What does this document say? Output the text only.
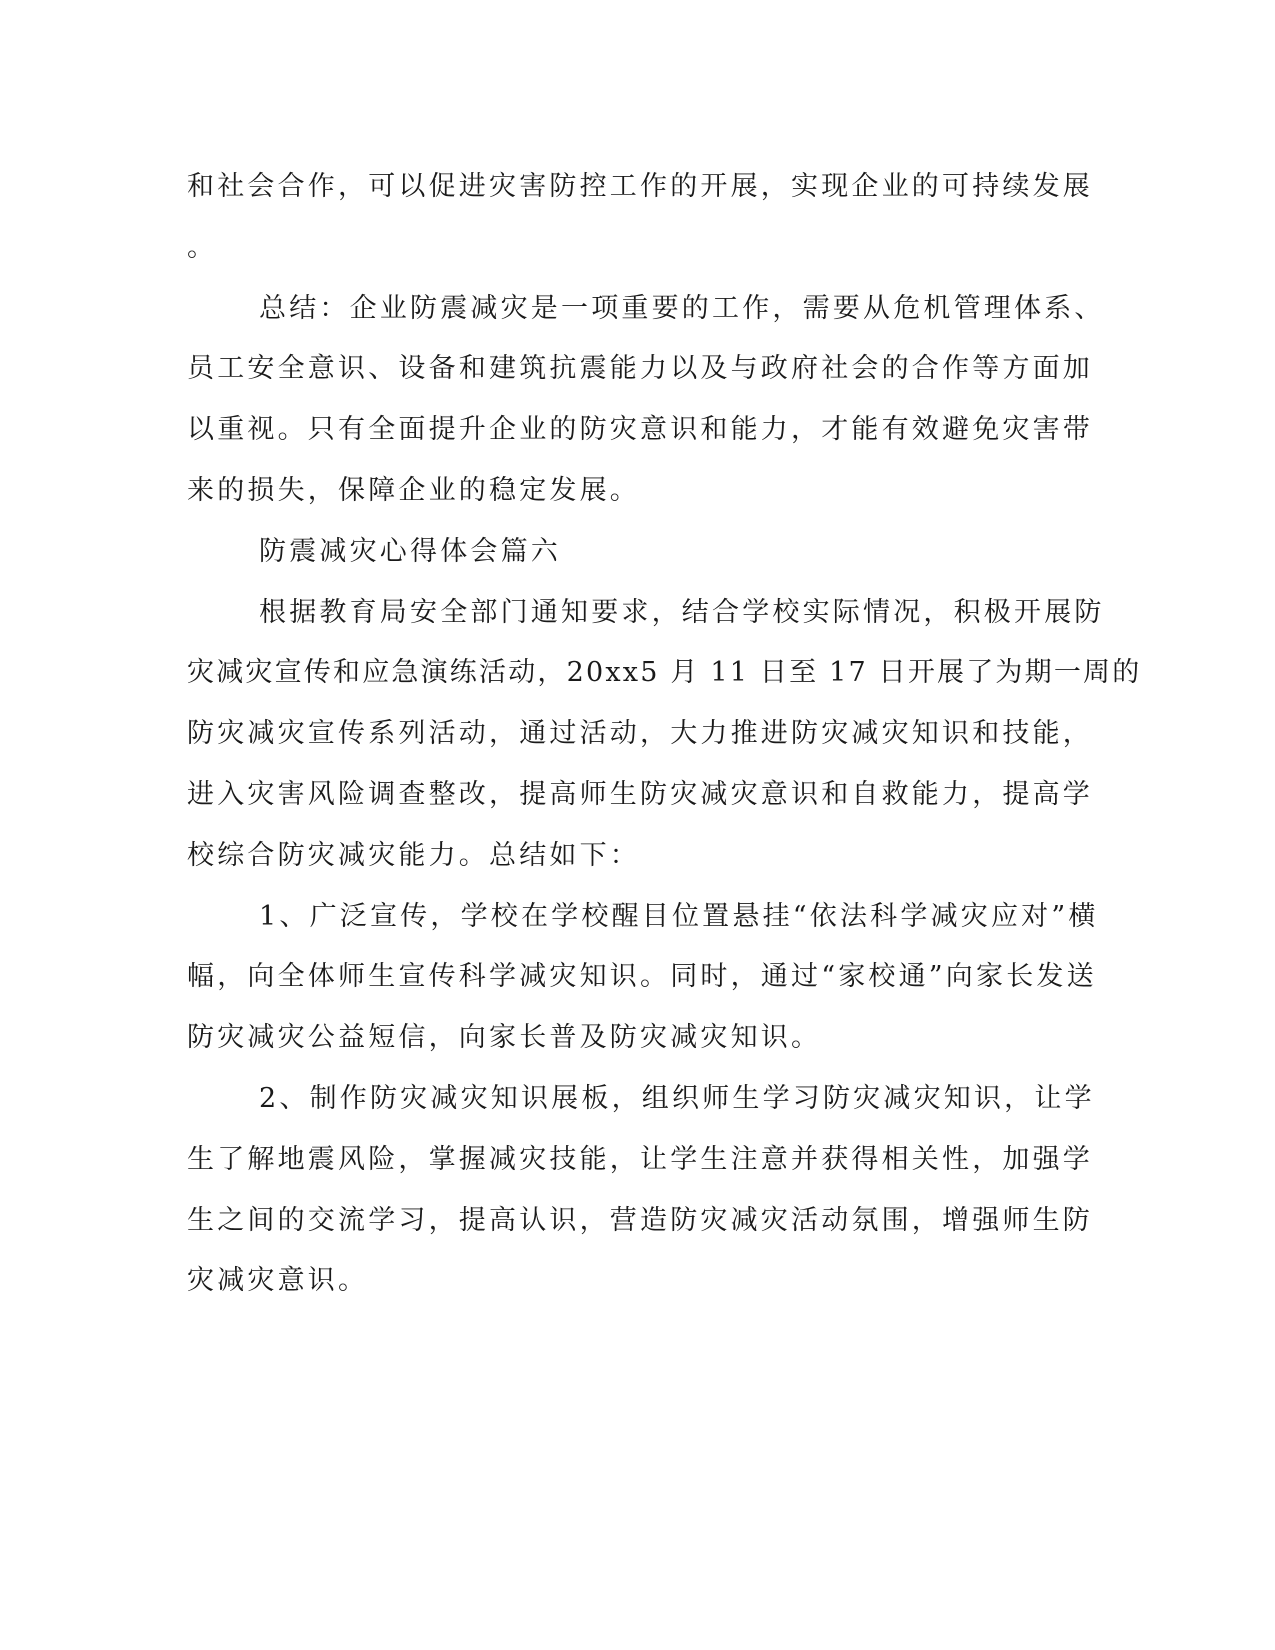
和社会合作，可以促进灾害防控工作的开展，实现企业的可持续发展

。

总结：企业防震减灾是一项重要的工作，需要从危机管理体系、

员工安全意识、设备和建筑抗震能力以及与政府社会的合作等方面加

以重视。只有全面提升企业的防灾意识和能力，才能有效避免灾害带

来的损失，保障企业的稳定发展。

防震减灾心得体会篇六

根据教育局安全部门通知要求，结合学校实际情况，积极开展防

灾减灾宣传和应急演练活动，20xx5 月 11 日至 17 日开展了为期一周的

防灾减灾宣传系列活动，通过活动，大力推进防灾减灾知识和技能，

进入灾害风险调查整改，提高师生防灾减灾意识和自救能力，提高学

校综合防灾减灾能力。总结如下：

1、广泛宣传，学校在学校醒目位置悬挂“依法科学减灾应对”横

幅，向全体师生宣传科学减灾知识。同时，通过“家校通”向家长发送

防灾减灾公益短信，向家长普及防灾减灾知识。

2、制作防灾减灾知识展板，组织师生学习防灾减灾知识，让学

生了解地震风险，掌握减灾技能，让学生注意并获得相关性，加强学

生之间的交流学习，提高认识，营造防灾减灾活动氛围，增强师生防

灾减灾意识。
